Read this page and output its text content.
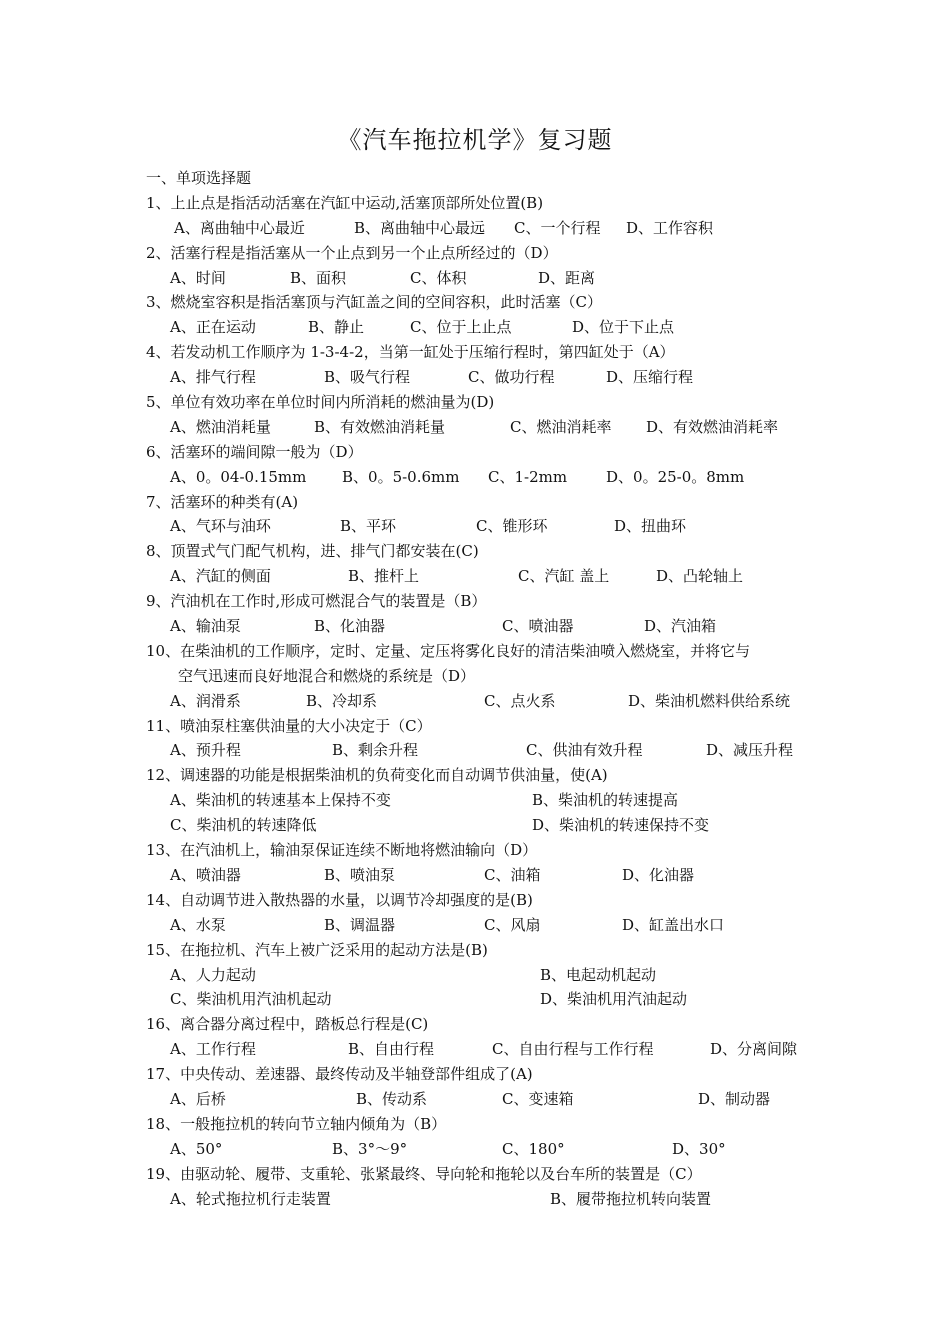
《汽车拖拉机学》复习题
一、单项选择题
1、上止点是指活动活塞在汽缸中运动,活塞顶部所处位置(B)
A、离曲轴中心最近	B、离曲轴中心最远 C、一个行程 D、工作容积
2、活塞行程是指活塞从一个止点到另一个止点所经过的（D）
A、时间	B、面积	C、体积	D、距离
3、燃烧室容积是指活塞顶与汽缸盖之间的空间容积，此时活塞（C）
A、正在运动	B、静止	C、位于上止点	D、位于下止点
4、若发动机工作顺序为 1-3-4-2，当第一缸处于压缩行程时，第四缸处于（A）
A、排气行程	B、吸气行程	C、做功行程	D、压缩行程
5、单位有效功率在单位时间内所消耗的燃油量为(D)
A、燃油消耗量	B、有效燃油消耗量	C、燃油消耗率 D、有效燃油消耗率
6、活塞环的端间隙一般为（D）
A、0。04-0.15mm B、0。5-0.6mm C、1-2mm	D、0。25-0。8mm
7、活塞环的种类有(A)
A、气环与油环	B、平环	C、锥形环	D、扭曲环
8、顶置式气门配气机构，进、排气门都安装在(C)
A、汽缸的侧面	B、推杆上	C、汽缸 盖上	D、凸轮轴上
9、汽油机在工作时,形成可燃混合气的装置是（B）
A、输油泵	B、化油器	C、喷油器	D、汽油箱
10、在柴油机的工作顺序，定时、定量、定压将雾化良好的清洁柴油喷入燃烧室，并将它与
空气迅速而良好地混合和燃烧的系统是（D）
A、润滑系	B、冷却系	C、点火系	D、柴油机燃料供给系统
11、喷油泵柱塞供油量的大小决定于（C）
A、预升程	B、剩余升程	C、供油有效升程	D、减压升程
12、调速器的功能是根据柴油机的负荷变化而自动调节供油量，使(A)
A、柴油机的转速基本上保持不变	B、柴油机的转速提高
C、柴油机的转速降低	D、柴油机的转速保持不变
13、在汽油机上，输油泵保证连续不断地将燃油输向（D）
A、喷油器	B、喷油泵	C、油箱	D、化油器
14、自动调节进入散热器的水量，以调节冷却强度的是(B)
A、水泵	B、调温器	C、风扇	D、缸盖出水口
15、在拖拉机、汽车上被广泛采用的起动方法是(B)
A、人力起动	B、电起动机起动
C、柴油机用汽油机起动	D、柴油机用汽油起动
16、离合器分离过程中，踏板总行程是(C)
A、工作行程	B、自由行程	C、自由行程与工作行程	D、分离间隙
17、中央传动、差速器、最终传动及半轴登部件组成了(A)
A、后桥	B、传动系	C、变速箱	D、制动器
18、一般拖拉机的转向节立轴内倾角为（B）
A、50°	B、3°～9°	C、180°	D、30°
19、由驱动轮、履带、支重轮、张紧最终、导向轮和拖轮以及台车所的装置是（C）
A、轮式拖拉机行走装置	B、履带拖拉机转向装置
